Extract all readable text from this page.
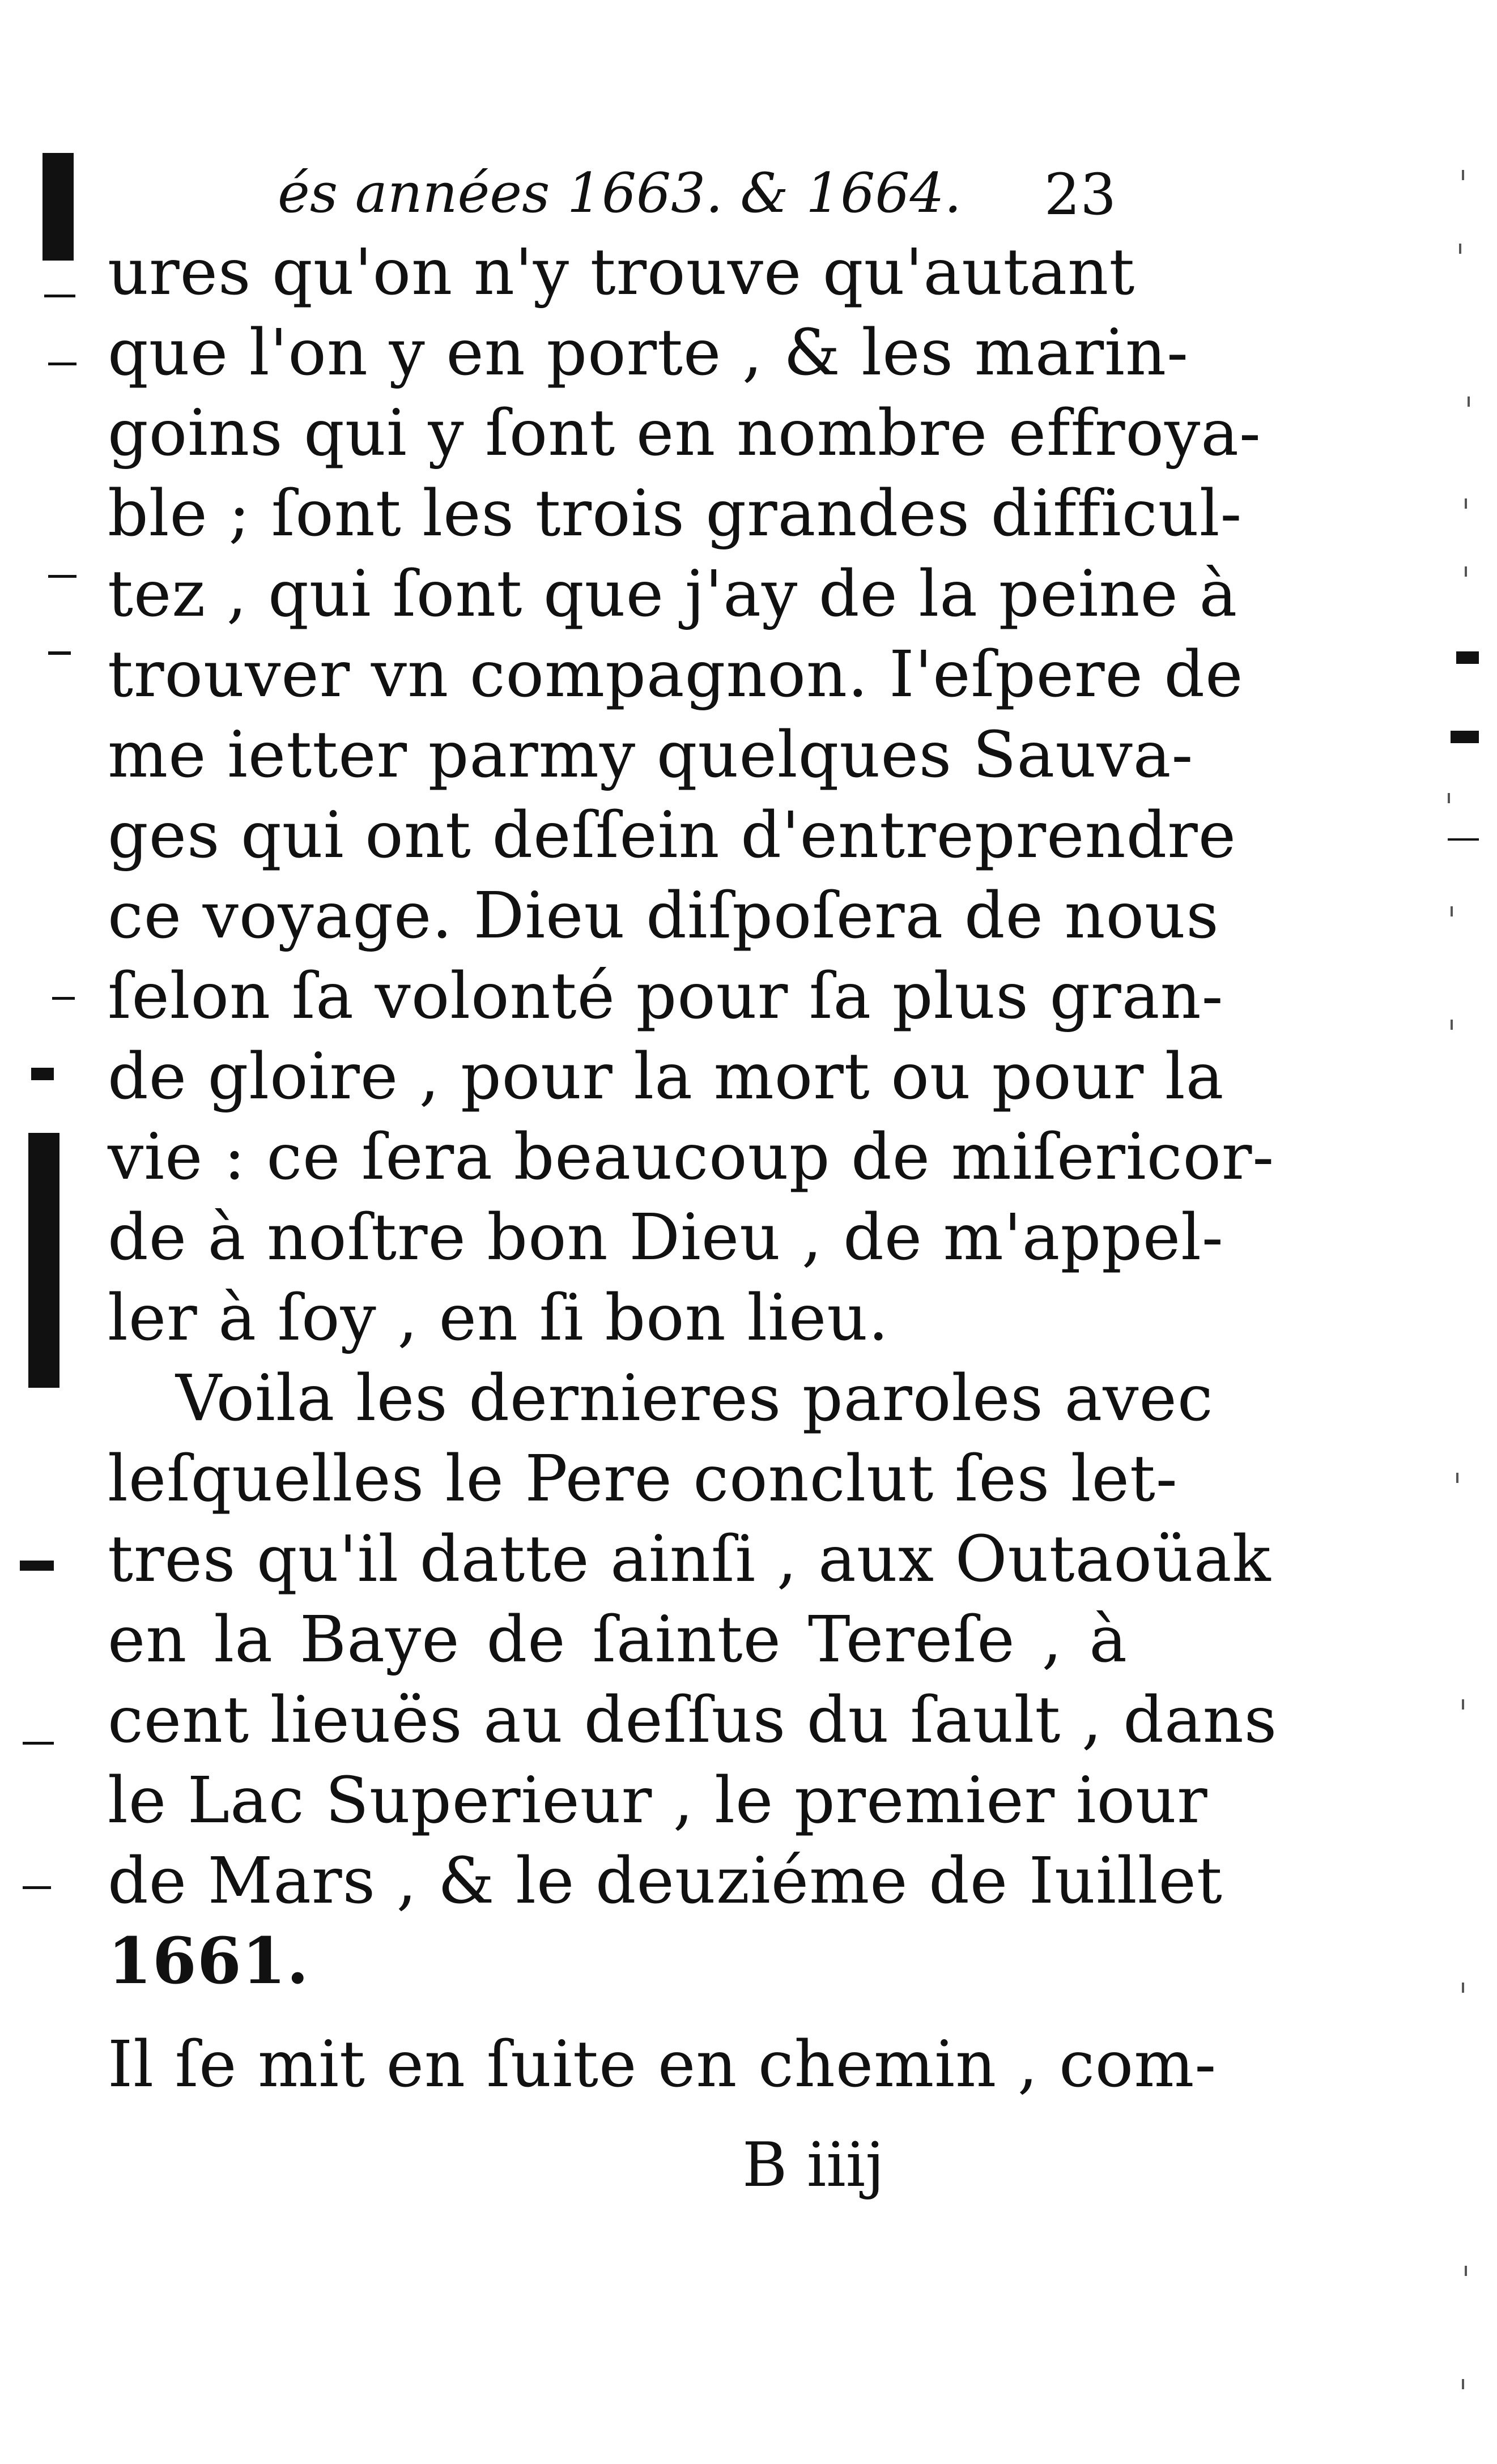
és années 1663. & 1664. 23
ures qu'on n'y trouve qu'autant
que l'on y en porte , & les marin-
goins qui y ſont en nombre effroya-
ble ; ſont les trois grandes difficul-
tez , qui ſont que j'ay de la peine à
trouver vn compagnon. I'eſpere de
me ietter parmy quelques Sauva-
ges qui ont deſſein d'entreprendre
ce voyage. Dieu diſpoſera de nous
ſelon ſa volonté pour ſa plus gran-
de gloire , pour la mort ou pour la
vie : ce ſera beaucoup de miſericor-
de à noſtre bon Dieu , de m'appel-
ler à ſoy , en ſi bon lieu.
Voila les dernieres paroles avec
leſquelles le Pere conclut ſes let-
tres qu'il datte ainſi , aux Outaoüak
en la Baye de ſainte Tereſe , à
cent lieuës au deſſus du ſault , dans
le Lac Superieur , le premier iour
de Mars , & le deuziéme de Iuillet
1661.
Il ſe mit en ſuite en chemin , com-
B iiij
